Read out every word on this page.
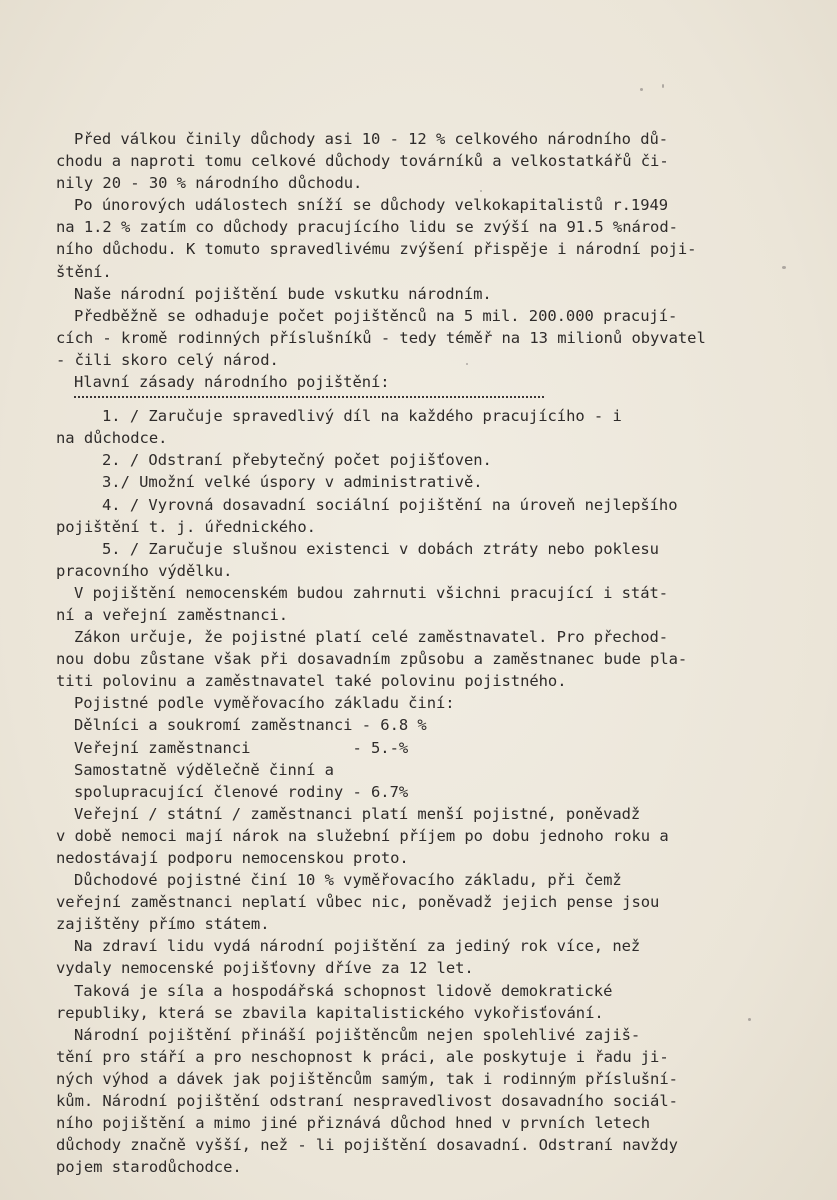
Před válkou činily důchody asi 10 - 12 % celkového národního dů-
chodu a naproti tomu celkové důchody továrníků a velkostatkářů či-
nily 20 - 30 % národního důchodu.
Po únorových událostech sníží se důchody velkokapitalistů r.1949
na 1.2 % zatím co důchody pracujícího lidu se zvýší na 91.5 %národ-
ního důchodu. K tomuto spravedlivému zvýšení přispěje i národní poji-
štění.
Naše národní pojištění bude vskutku národním.
Předběžně se odhaduje počet pojištěnců na 5 mil. 200.000 pracují-
cích - kromě rodinných příslušníků - tedy téměř na 13 milionů obyvatel
- čili skoro celý národ.
Hlavní zásady národního pojištění:
1. / Zaručuje spravedlivý díl na každého pracujícího - i
na důchodce.
2. / Odstraní přebytečný počet pojišťoven.
3./ Umožní velké úspory v administrativě.
4. / Vyrovná dosavadní sociální pojištění na úroveň nejlepšího
pojištění t. j. úřednického.
5. / Zaručuje slušnou existenci v dobách ztráty nebo poklesu
pracovního výdělku.
V pojištění nemocenském budou zahrnuti všichni pracující i stát-
ní a veřejní zaměstnanci.
Zákon určuje, že pojistné platí celé zaměstnavatel. Pro přechod-
nou dobu zůstane však při dosavadním způsobu a zaměstnanec bude pla-
titi polovinu a zaměstnavatel také polovinu pojistného.
Pojistné podle vyměřovacího základu činí:
Dělníci a soukromí zaměstnanci - 6.8 %
Veřejní zaměstnanci           - 5.-%
Samostatně výdělečně činní a
spolupracující členové rodiny - 6.7%
Veřejní / státní / zaměstnanci platí menší pojistné, poněvadž
v době nemoci mají nárok na služební příjem po dobu jednoho roku a
nedostávají podporu nemocenskou proto.
Důchodové pojistné činí 10 % vyměřovacího základu, při čemž
veřejní zaměstnanci neplatí vůbec nic, poněvadž jejich pense jsou
zajištěny přímo státem.
Na zdraví lidu vydá národní pojištění za jediný rok více, než
vydaly nemocenské pojišťovny dříve za 12 let.
Taková je síla a hospodářská schopnost lidově demokratické
republiky, která se zbavila kapitalistického vykořisťování.
Národní pojištění přináší pojištěncům nejen spolehlivé zajiš-
tění pro stáří a pro neschopnost k práci, ale poskytuje i řadu ji-
ných výhod a dávek jak pojištěncům samým, tak i rodinným příslušní-
kům. Národní pojištění odstraní nespravedlivost dosavadního sociál-
ního pojištění a mimo jiné přiznává důchod hned v prvních letech
důchody značně vyšší, než - li pojištění dosavadní. Odstraní navždy
pojem starodůchodce.
